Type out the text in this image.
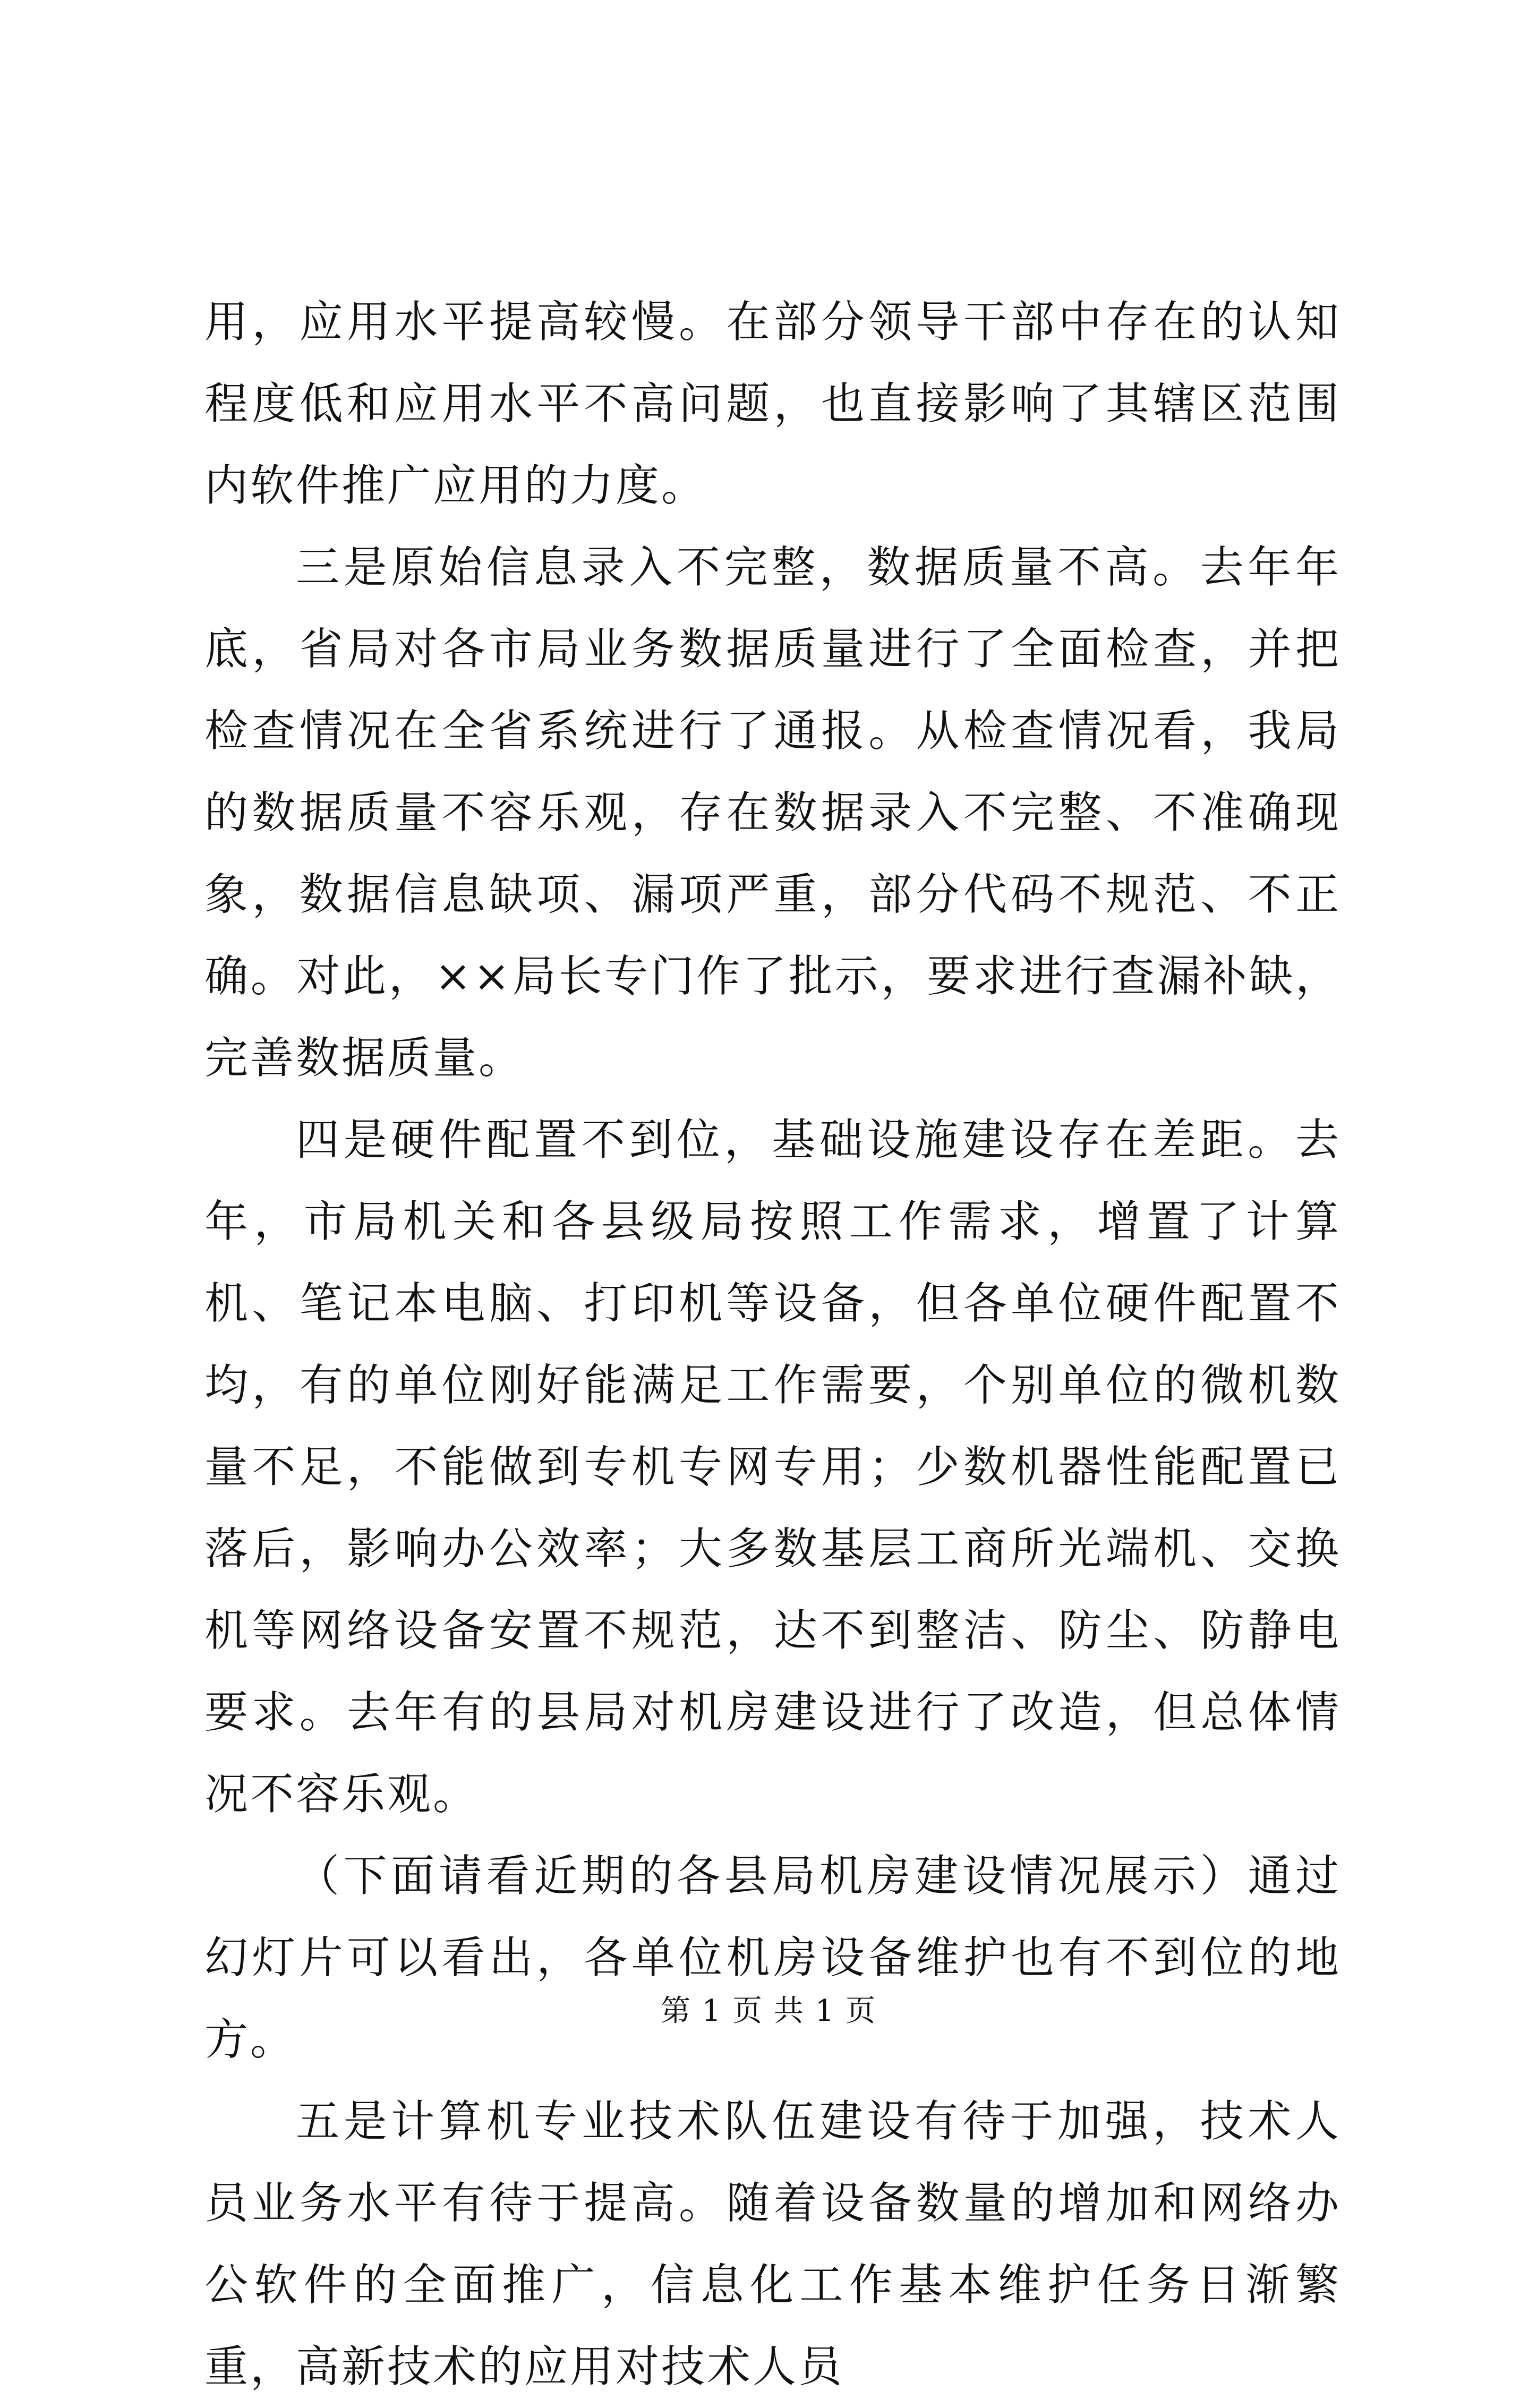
用，应用水平提高较慢。在部分领导干部中存在的认知程度低和应用水平不高问题，也直接影响了其辖区范围内软件推广应用的力度。

三是原始信息录入不完整，数据质量不高。去年年底，省局对各市局业务数据质量进行了全面检查，并把检查情况在全省系统进行了通报。从检查情况看，我局的数据质量不容乐观，存在数据录入不完整、不准确现象，数据信息缺项、漏项严重，部分代码不规范、不正确。对此，××局长专门作了批示，要求进行查漏补缺，完善数据质量。

四是硬件配置不到位，基础设施建设存在差距。去年，市局机关和各县级局按照工作需求，增置了计算机、笔记本电脑、打印机等设备，但各单位硬件配置不均，有的单位刚好能满足工作需要，个别单位的微机数量不足，不能做到专机专网专用；少数机器性能配置已落后，影响办公效率；大多数基层工商所光端机、交换机等网络设备安置不规范，达不到整洁、防尘、防静电要求。去年有的县局对机房建设进行了改造，但总体情况不容乐观。

（下面请看近期的各县局机房建设情况展示）通过幻灯片可以看出，各单位机房设备维护也有不到位的地方。

五是计算机专业技术队伍建设有待于加强，技术人员业务水平有待于提高。随着设备数量的增加和网络办公软件的全面推广，信息化工作基本维护任务日渐繁重，高新技术的应用对技术人员

第 1 页 共 1 页
